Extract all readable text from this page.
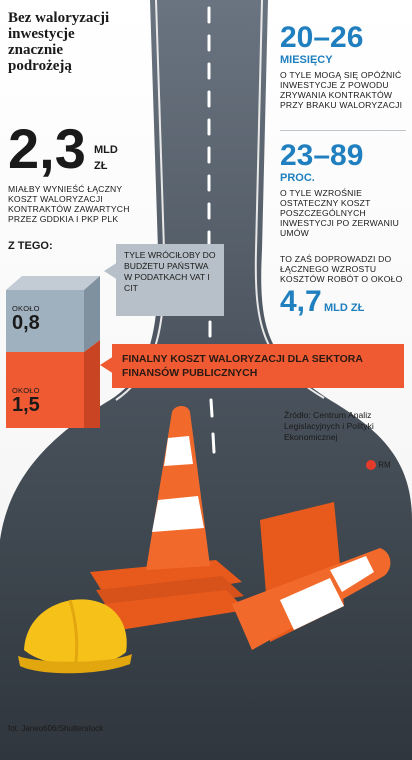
Bez waloryzacji inwestycje znacznie podrożeją
2,3 MLD
ZŁ
MIAŁBY WYNIEŚĆ ŁĄCZNY KOSZT WALORYZACJI KONTRAKTÓW ZAWARTYCH PRZEZ GDDKIA I PKP PLK
Z TEGO:
OKOŁO
0,8
OKOŁO
1,5
TYLE WRÓCIŁOBY DO BUDŻETU PAŃSTWA W PODATKACH VAT I CIT
FINALNY KOSZT WALORYZACJI DLA SEKTORA FINANSÓW PUBLICZNYCH
20–26
MIESIĘCY
O TYLE MOGĄ SIĘ OPÓŹNIĆ INWESTYCJE Z POWODU ZRYWANIA KONTRAKTÓW PRZY BRAKU WALORYZACJI
23–89
PROC.
O TYLE WZROŚNIE OSTATECZNY KOSZT POSZCZEGÓLNYCH INWESTYCJI PO ZERWANIU UMÓW
TO ZAŚ DOPROWADZI DO ŁĄCZNEGO WZROSTU KOSZTÓW ROBÓT O OKOŁO
4,7 MLD ZŁ
Źródło: Centrum Analiz Legislacyjnych i Polityki Ekonomicznej
RM
fot. Janeo606/Shutterstock
